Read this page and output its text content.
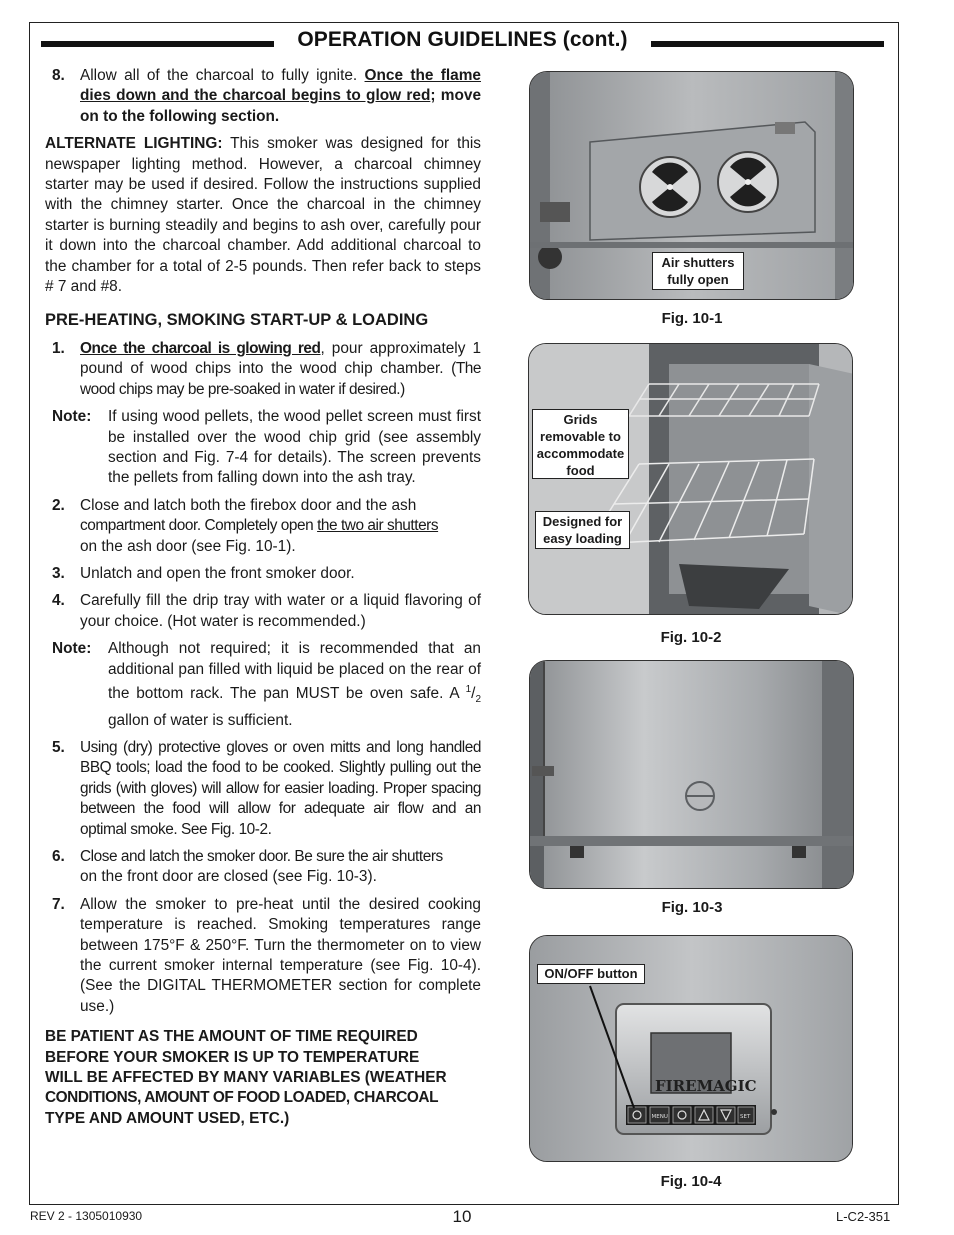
OPERATION GUIDELINES (cont.)
8. Allow all of the charcoal to fully ignite. Once the flame dies down and the charcoal begins to glow red; move on to the following section.

ALTERNATE LIGHTING: This smoker was designed for this newspaper lighting method. However, a charcoal chimney starter may be used if desired. Follow the instructions supplied with the chimney starter. Once the charcoal in the chimney starter is burning steadily and begins to ash over, carefully pour it down into the charcoal chamber. Add additional charcoal to the chamber for a total of 2-5 pounds. Then refer back to steps # 7 and #8.

PRE-HEATING, SMOKING START-UP & LOADING
1. Once the charcoal is glowing red, pour approximately 1 pound of wood chips into the wood chip chamber. (The wood chips may be pre-soaked in water if desired.)
Note: If using wood pellets, the wood pellet screen must first be installed over the wood chip grid (see assembly section and Fig. 7-4 for details). The screen prevents the pellets from falling down into the ash tray.
2. Close and latch both the firebox door and the ash
compartment door. Completely open the two air shutters
on the ash door (see Fig. 10-1).
3. Unlatch and open the front smoker door.
4. Carefully fill the drip tray with water or a liquid flavoring of your choice. (Hot water is recommended.)
Note: Although not required; it is recommended that an additional pan filled with liquid be placed on the rear of the bottom rack. The pan MUST be oven safe. A $^1/_2$ gallon of water is sufficient.
5. Using (dry) protective gloves or oven mitts and long handled BBQ tools; load the food to be cooked. Slightly pulling out the grids (with gloves) will allow for easier loading. Proper spacing between the food will allow for adequate air flow and an optimal smoke. See Fig. 10-2.
6. Close and latch the smoker door. Be sure the air shutters
on the front door are closed (see Fig. 10-3).
7. Allow the smoker to pre-heat until the desired cooking temperature is reached. Smoking temperatures range between 175°F & 250°F. Turn the thermometer on to view the current smoker internal temperature (see Fig. 10-4). (See the DIGITAL THERMOMETER section for complete use.)
BE PATIENT AS THE AMOUNT OF TIME REQUIRED
BEFORE YOUR SMOKER IS UP TO TEMPERATURE
WILL BE AFFECTED BY MANY VARIABLES (WEATHER
CONDITIONS, AMOUNT OF FOOD LOADED, CHARCOAL
TYPE AND AMOUNT USED, ETC.)
Air shutters
fully open
Fig. 10-1
Grids
removable to
accommodate
food
Designed for
easy loading
Fig. 10-2
Fig. 10-3
FIREMAGIC
MENU	SET
ON/OFF button
Fig. 10-4
REV 2 - 1305010930	10	L-C2-351
